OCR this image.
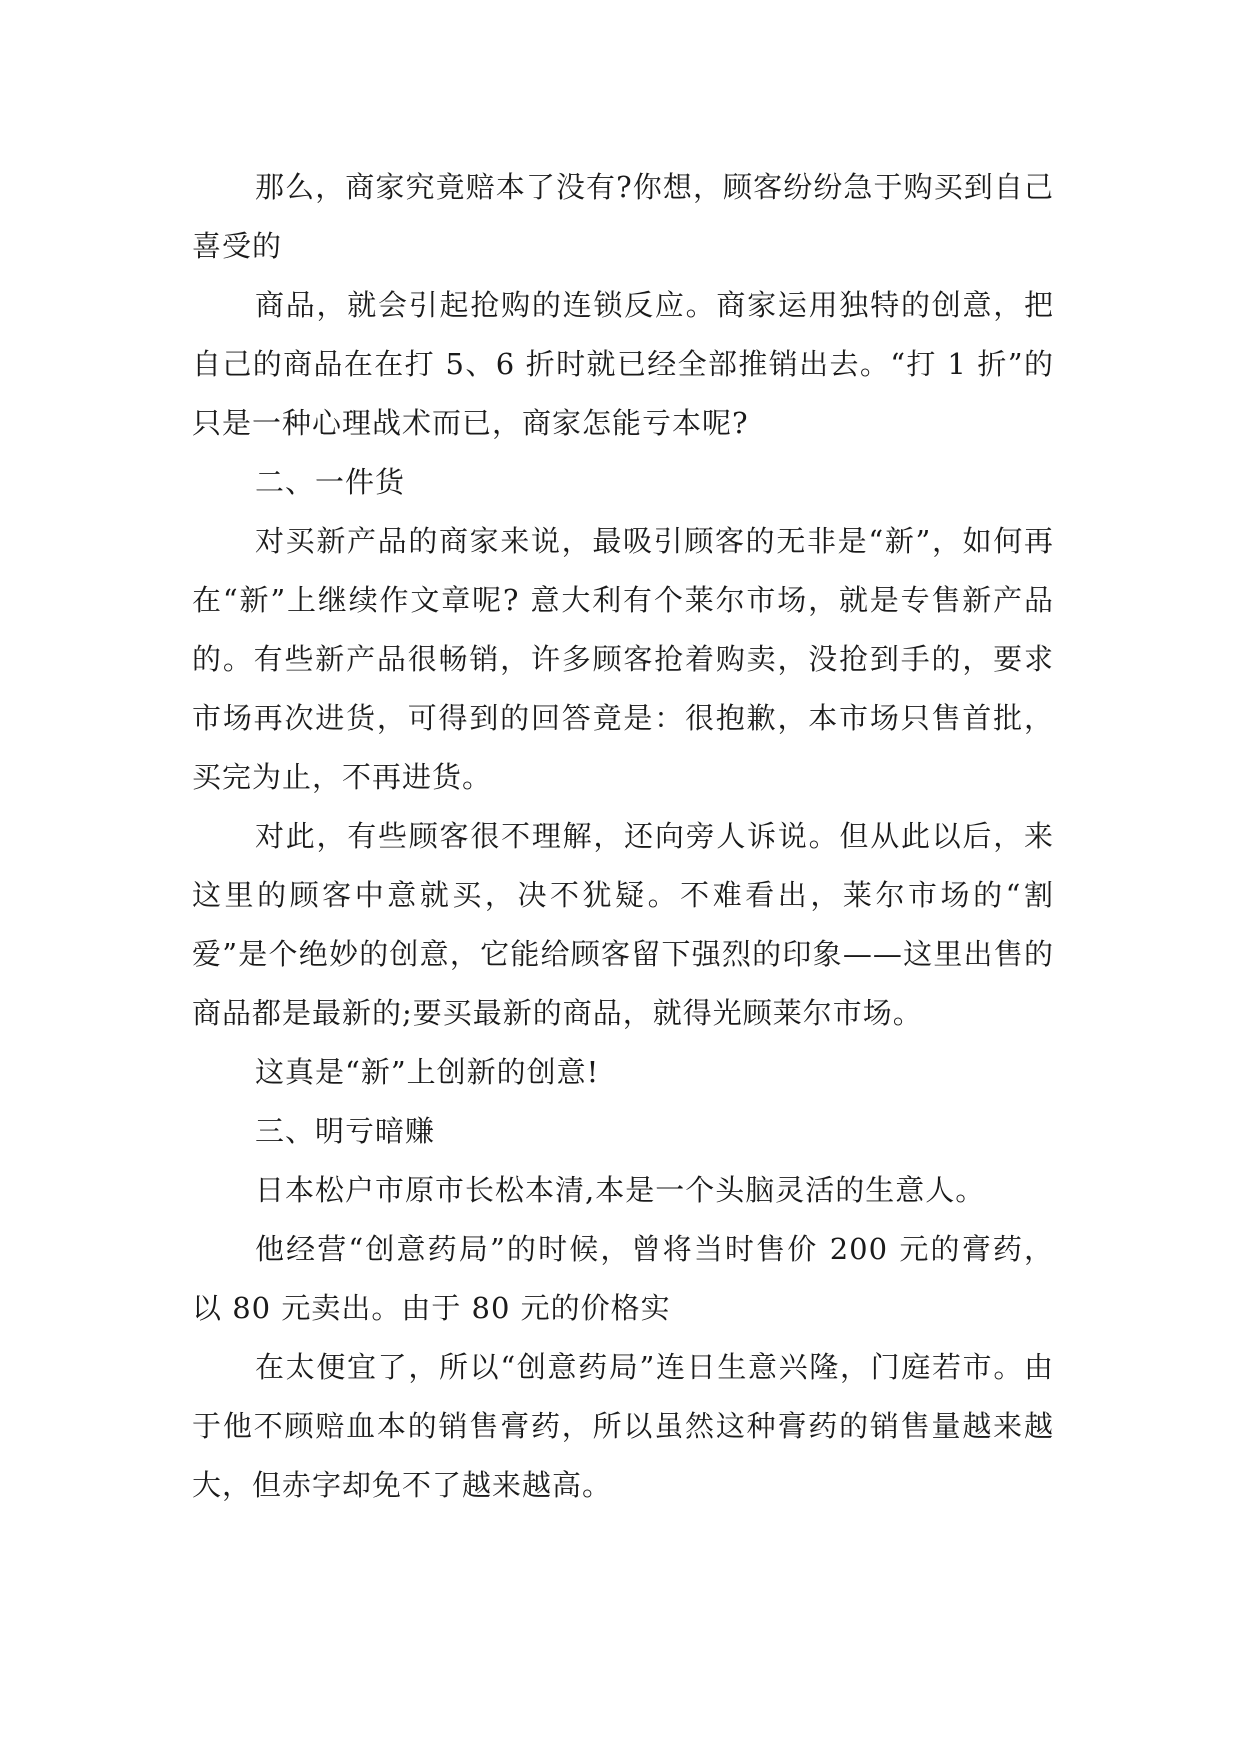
那么，商家究竟赔本了没有?你想，顾客纷纷急于购买到自己喜受的

商品，就会引起抢购的连锁反应。商家运用独特的创意，把自己的商品在在打 5、6 折时就已经全部推销出去。“打 1 折”的只是一种心理战术而已，商家怎能亏本呢?

二、一件货

对买新产品的商家来说，最吸引顾客的无非是“新”，如何再在“新”上继续作文章呢? 意大利有个莱尔市场，就是专售新产品的。有些新产品很畅销，许多顾客抢着购卖，没抢到手的，要求市场再次进货，可得到的回答竟是：很抱歉，本市场只售首批，买完为止，不再进货。

对此，有些顾客很不理解，还向旁人诉说。但从此以后，来这里的顾客中意就买，决不犹疑。不难看出，莱尔市场的“割爱”是个绝妙的创意，它能给顾客留下强烈的印象——这里出售的商品都是最新的;要买最新的商品，就得光顾莱尔市场。

这真是“新”上创新的创意!

三、明亏暗赚

日本松户市原市长松本清,本是一个头脑灵活的生意人。

他经营“创意药局”的时候，曾将当时售价 200 元的膏药，以 80 元卖出。由于 80 元的价格实

在太便宜了，所以“创意药局”连日生意兴隆，门庭若市。由于他不顾赔血本的销售膏药，所以虽然这种膏药的销售量越来越大，但赤字却免不了越来越高。
